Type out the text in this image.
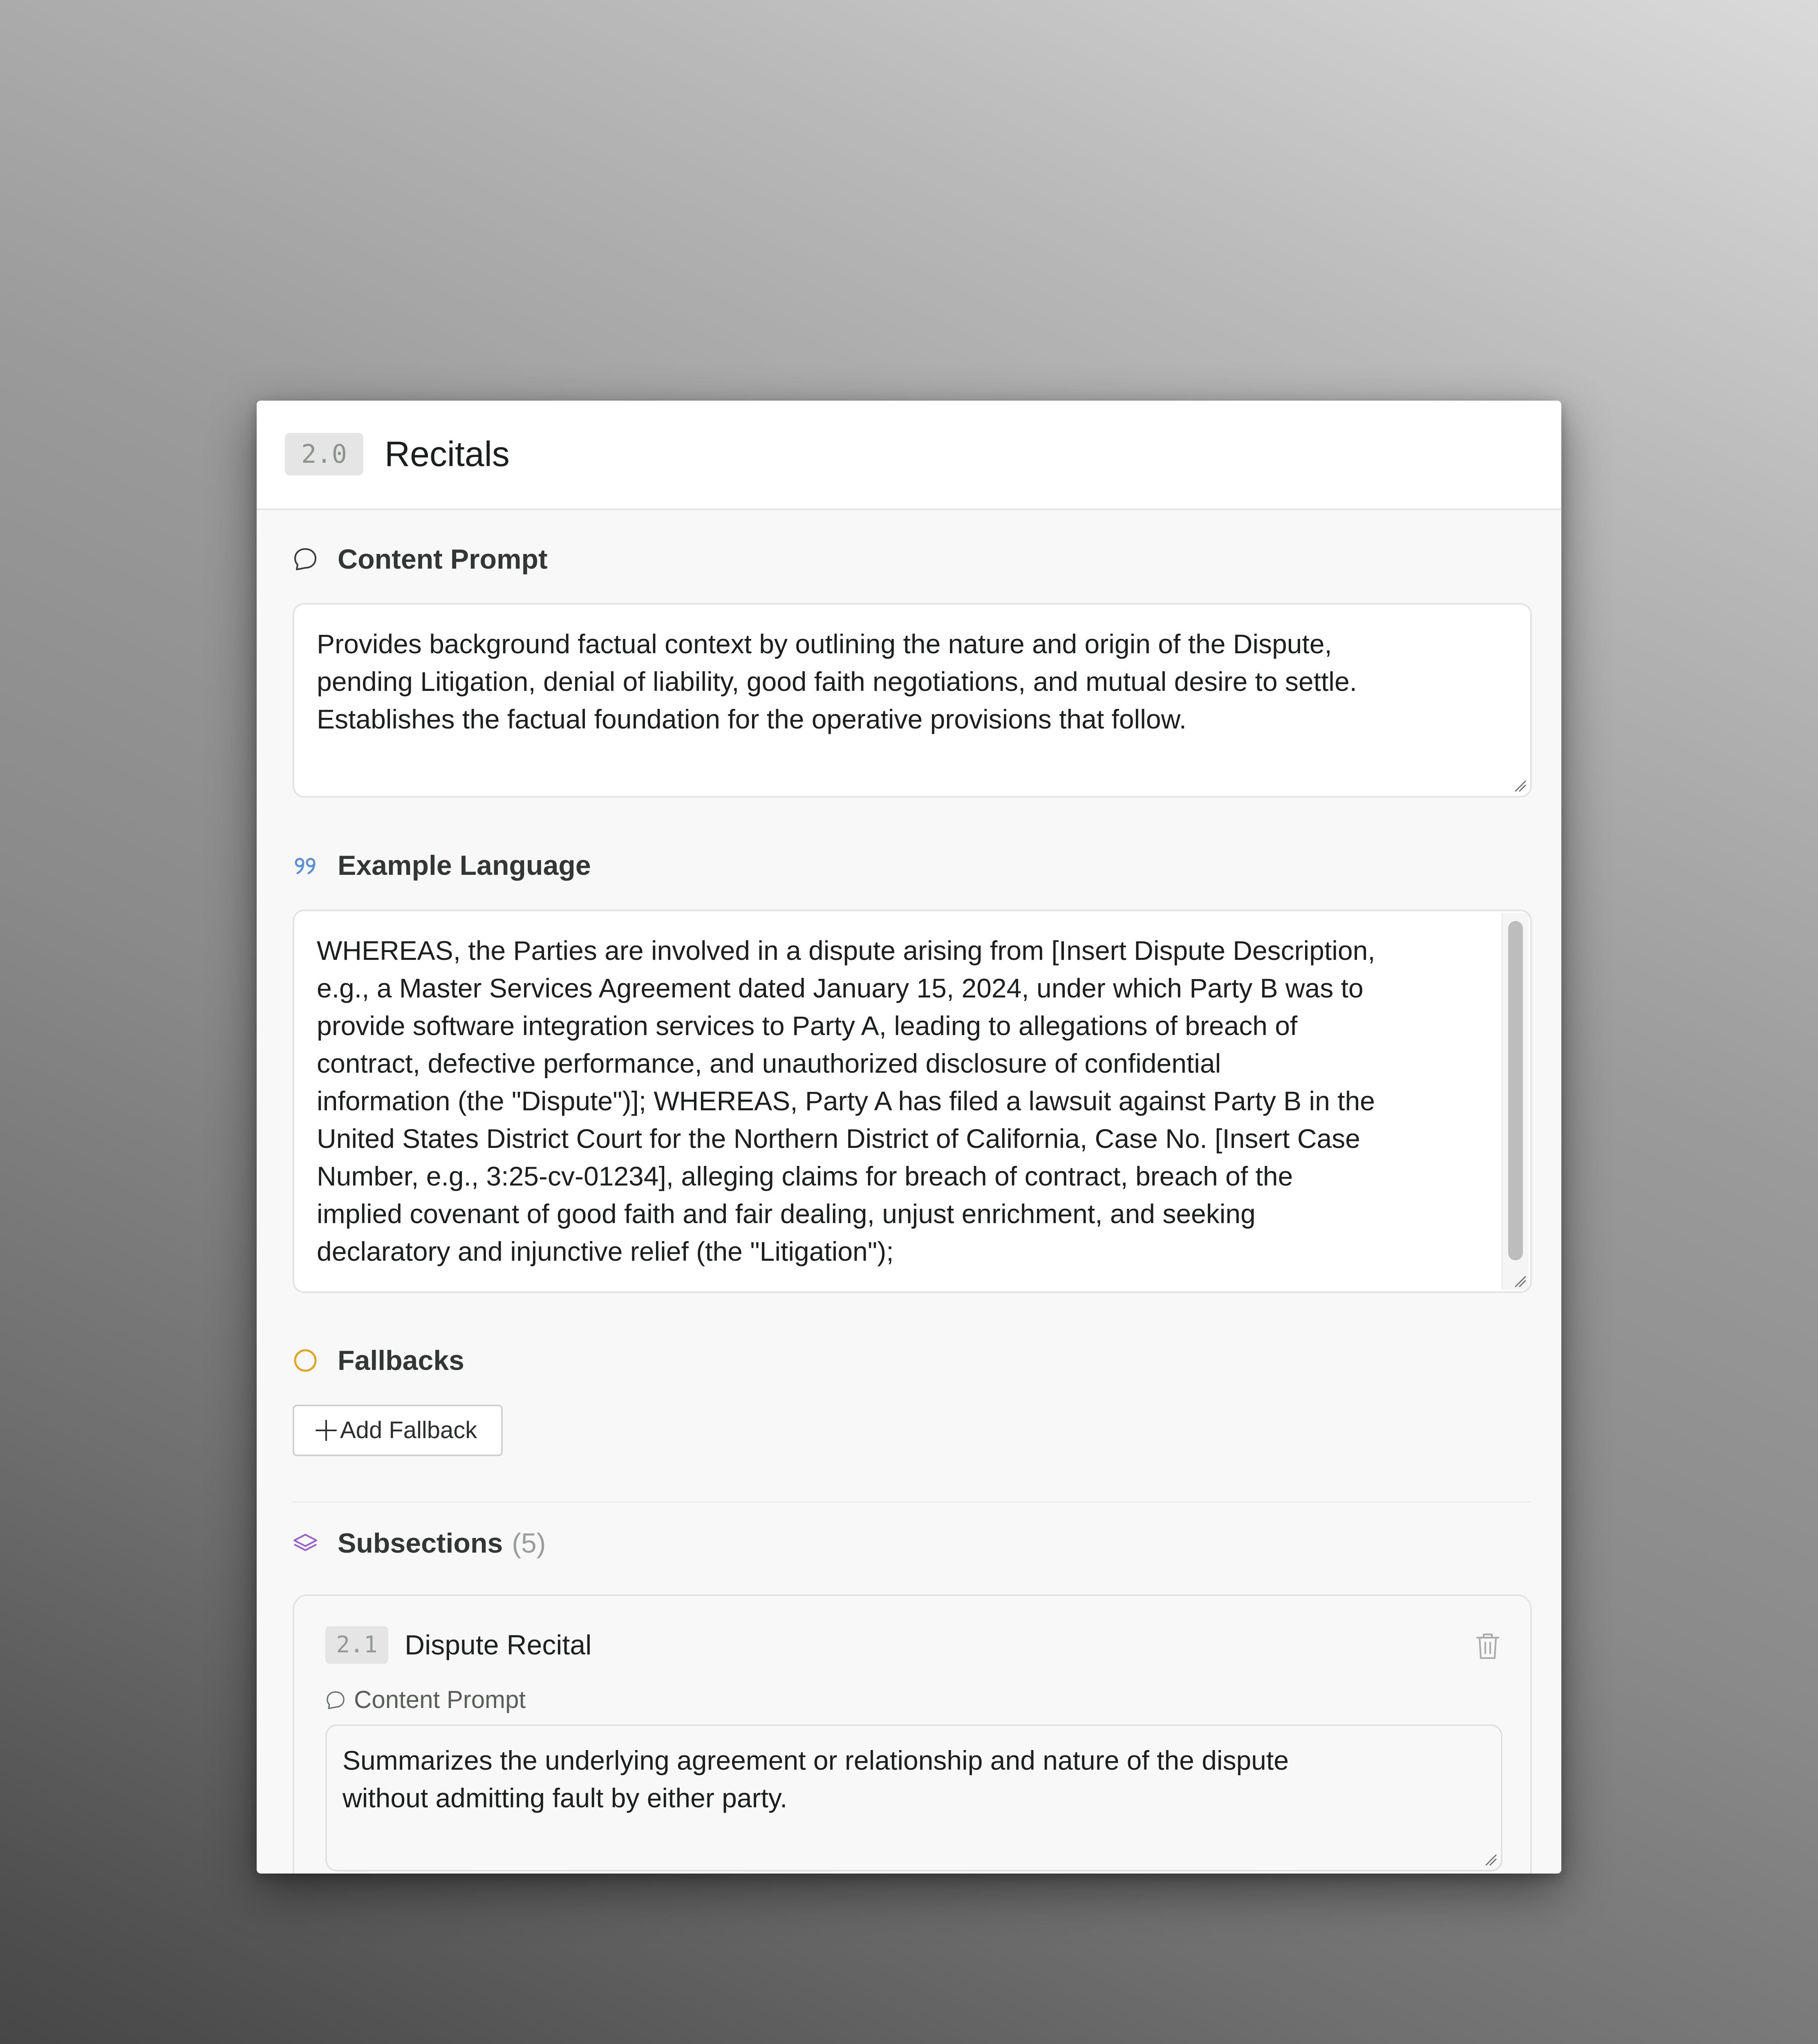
2.0	Recitals
Content Prompt
Provides background factual context by outlining the nature and origin of the Dispute,
pending Litigation, denial of liability, good faith negotiations, and mutual desire to settle.
Establishes the factual foundation for the operative provisions that follow.
Example Language
WHEREAS, the Parties are involved in a dispute arising from [Insert Dispute Description,
e.g., a Master Services Agreement dated January 15, 2024, under which Party B was to
provide software integration services to Party A, leading to allegations of breach of
contract, defective performance, and unauthorized disclosure of confidential
information (the "Dispute")]; WHEREAS, Party A has filed a lawsuit against Party B in the
United States District Court for the Northern District of California, Case No. [Insert Case
Number, e.g., 3:25-cv-01234], alleging claims for breach of contract, breach of the
implied covenant of good faith and fair dealing, unjust enrichment, and seeking
declaratory and injunctive relief (the "Litigation");
Fallbacks
Add Fallback
Subsections (5)
2.1 Dispute Recital
Content Prompt
Summarizes the underlying agreement or relationship and nature of the dispute
without admitting fault by either party.
